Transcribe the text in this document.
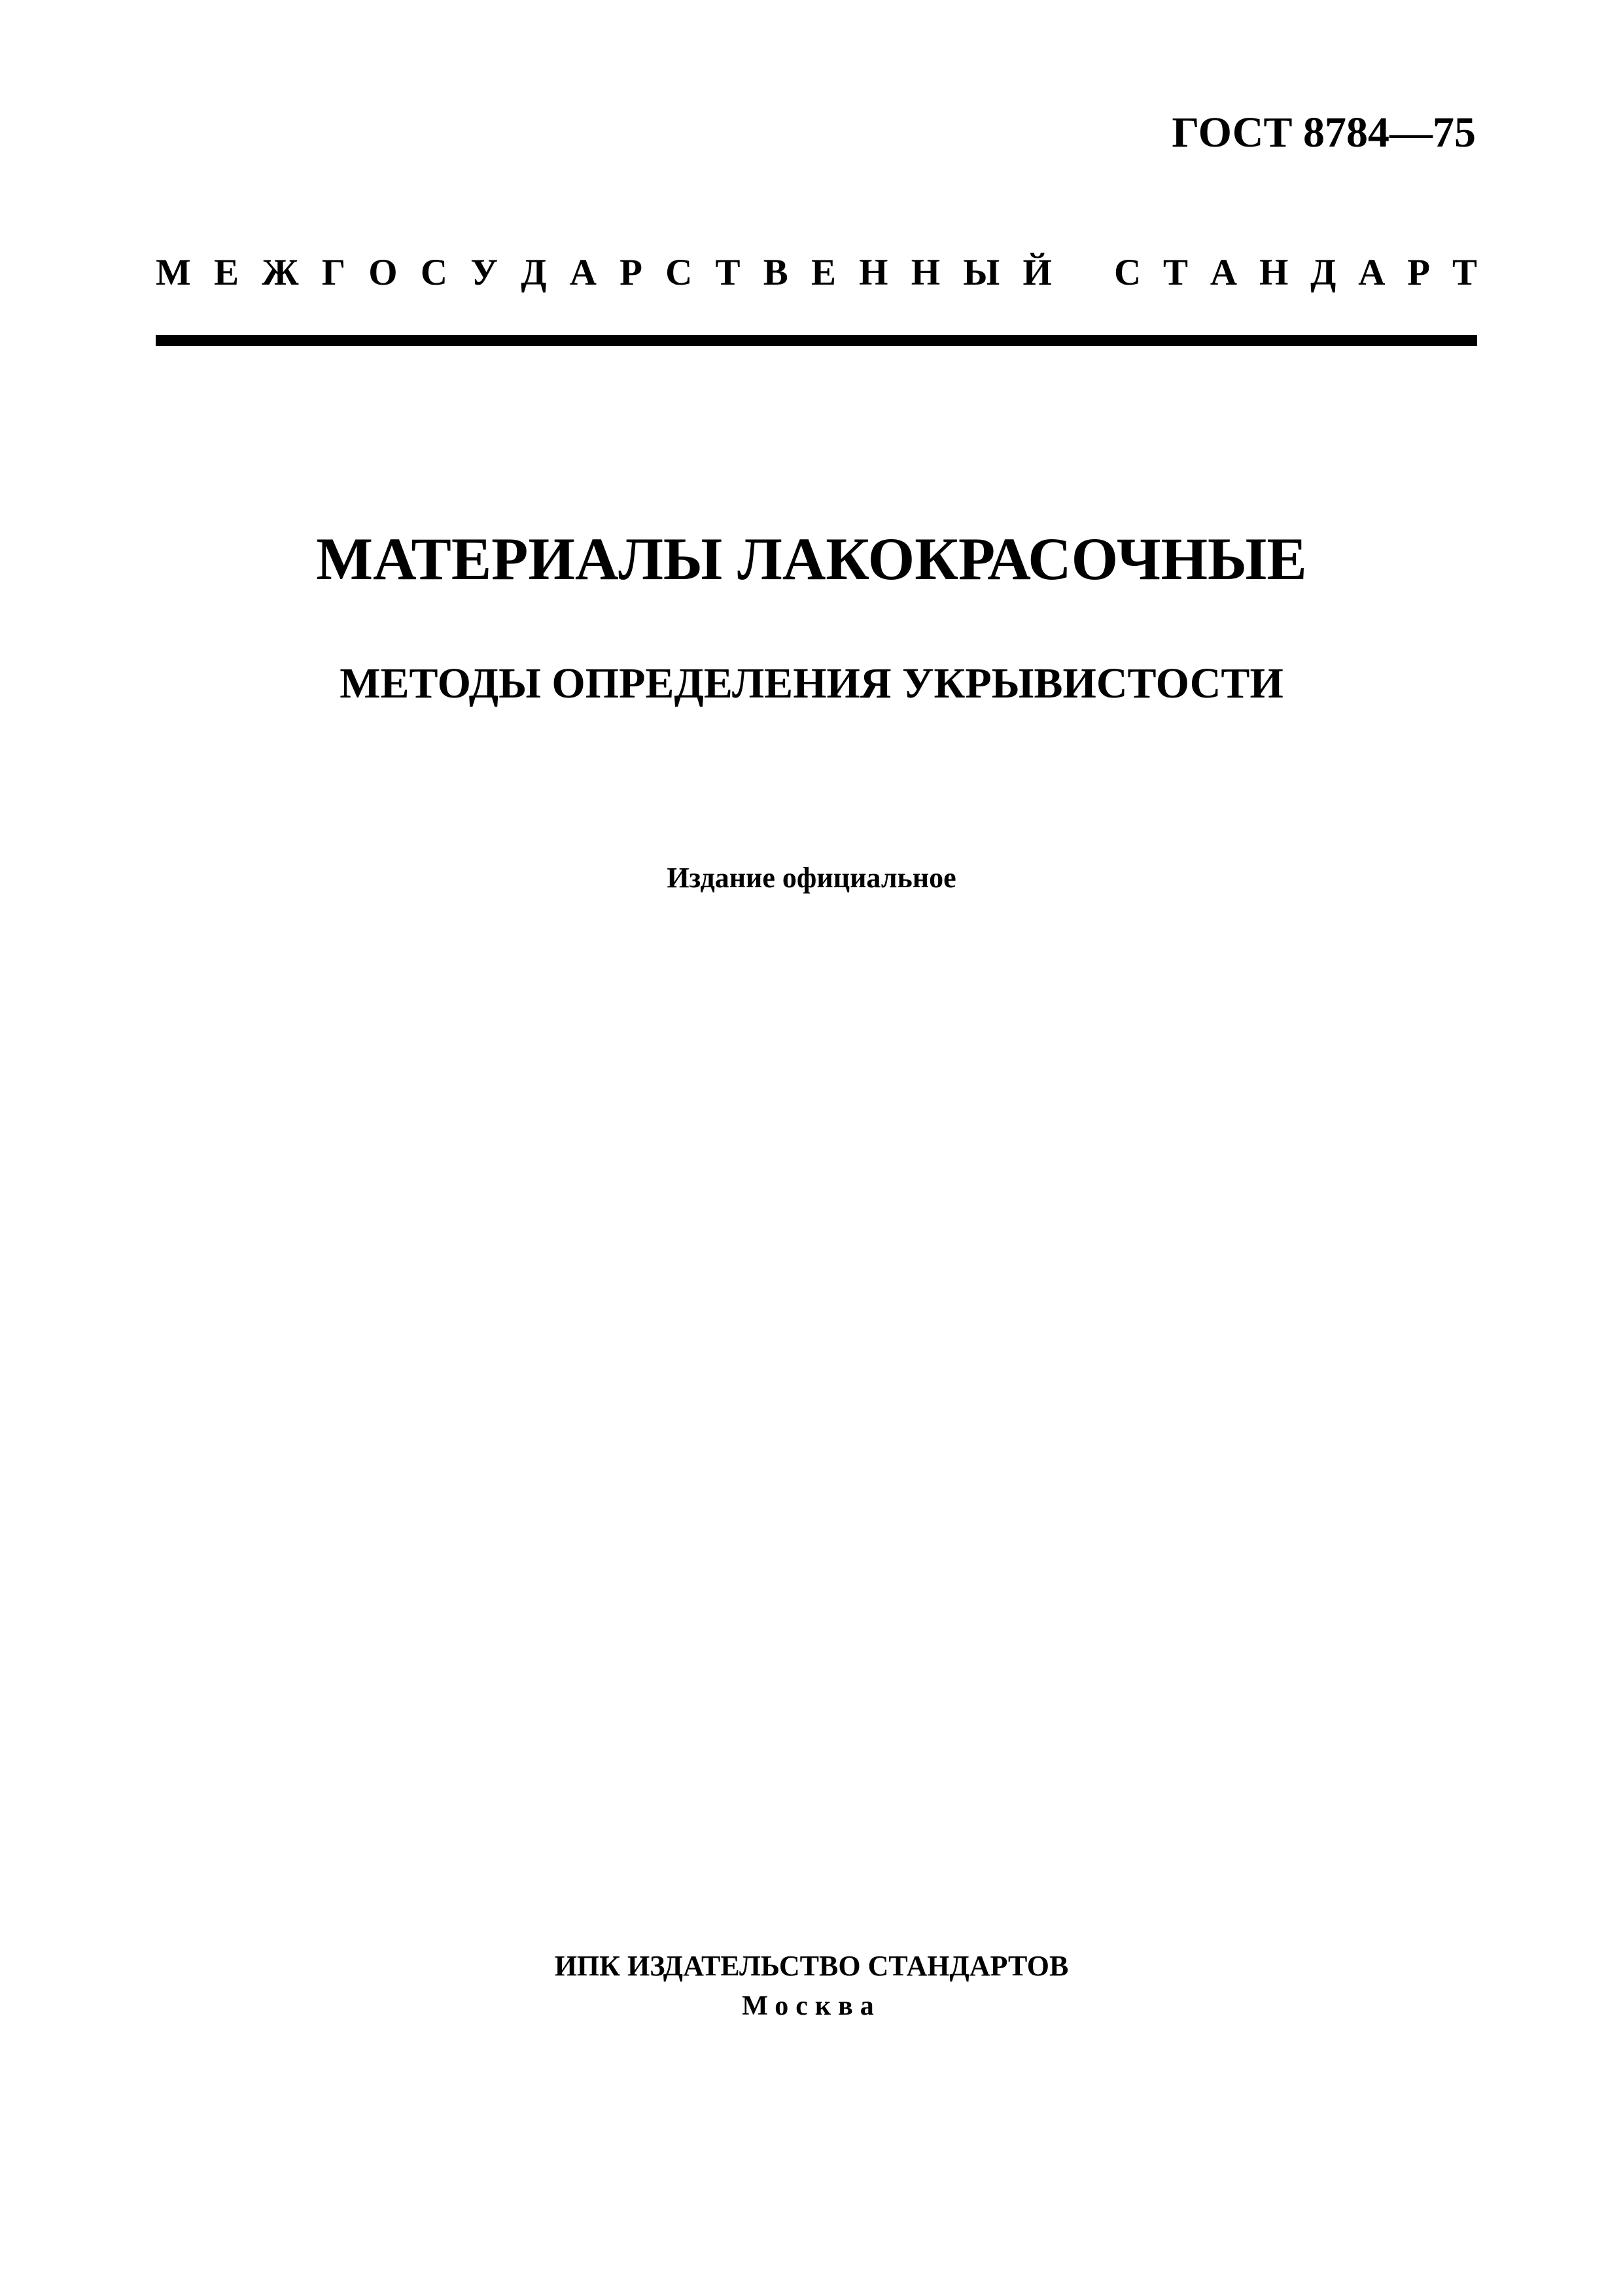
ГОСТ 8784—75
М Е Ж Г О С У Д А Р С Т В Е Н Н Ы Й С Т А Н Д А Р Т
МАТЕРИАЛЫ ЛАКОКРАСОЧНЫЕ
МЕТОДЫ ОПРЕДЕЛЕНИЯ УКРЫВИСТОСТИ
Издание официальное
ИПК ИЗДАТЕЛЬСТВО СТАНДАРТОВ
Москва
